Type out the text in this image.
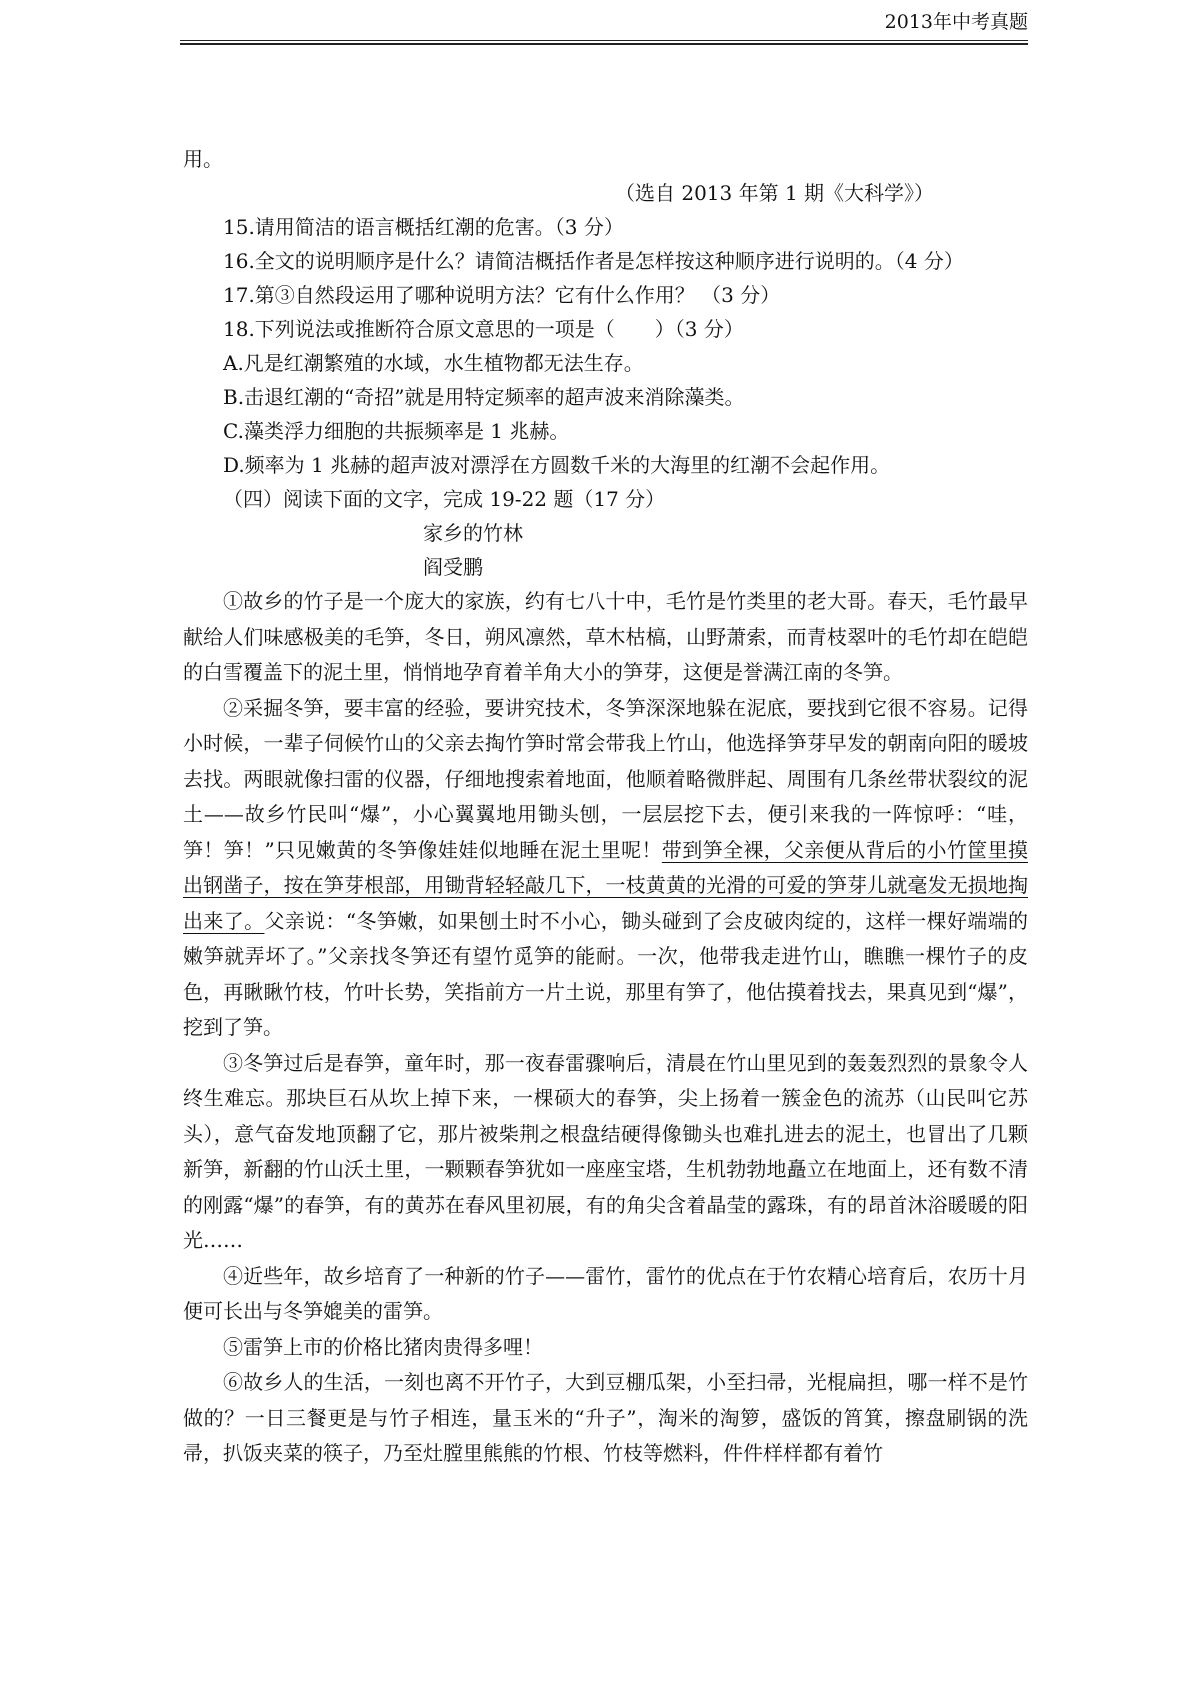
2013年中考真题
用。
（选自 2013 年第 1 期《大科学》）
15.请用简洁的语言概括红潮的危害。（3 分）
16.全文的说明顺序是什么？请简洁概括作者是怎样按这种顺序进行说明的。（4 分）
17.第③自然段运用了哪种说明方法？它有什么作用？ （3 分）
18.下列说法或推断符合原文意思的一项是（　　）（3 分）
A.凡是红潮繁殖的水域，水生植物都无法生存。
B.击退红潮的“奇招”就是用特定频率的超声波来消除藻类。
C.藻类浮力细胞的共振频率是 1 兆赫。
D.频率为 1 兆赫的超声波对漂浮在方圆数千米的大海里的红潮不会起作用。
（四）阅读下面的文字，完成 19-22 题（17 分）
家乡的竹林
阎受鹏

①故乡的竹子是一个庞大的家族，约有七八十中，毛竹是竹类里的老大哥。春天，毛竹最早献给人们味感极美的毛笋，冬日，朔风凛然，草木枯槁，山野萧索，而青枝翠叶的毛竹却在皑皑的白雪覆盖下的泥土里，悄悄地孕育着羊角大小的笋芽，这便是誉满江南的冬笋。

②采掘冬笋，要丰富的经验，要讲究技术，冬笋深深地躲在泥底，要找到它很不容易。记得小时候，一辈子伺候竹山的父亲去掏竹笋时常会带我上竹山，他选择笋芽早发的朝南向阳的暖坡去找。两眼就像扫雷的仪器，仔细地搜索着地面，他顺着略微胖起、周围有几条丝带状裂纹的泥土——故乡竹民叫“爆”，小心翼翼地用锄头刨，一层层挖下去，便引来我的一阵惊呼：“哇，笋！笋！”只见嫩黄的冬笋像娃娃似地睡在泥土里呢！带到笋全裸，父亲便从背后的小竹筐里摸出钢凿子，按在笋芽根部，用锄背轻轻敲几下，一枝黄黄的光滑的可爱的笋芽儿就毫发无损地掏出来了。父亲说：“冬笋嫩，如果刨土时不小心，锄头碰到了会皮破肉绽的，这样一棵好端端的嫩笋就弄坏了。”父亲找冬笋还有望竹觅笋的能耐。一次，他带我走进竹山，瞧瞧一棵竹子的皮色，再瞅瞅竹枝，竹叶长势，笑指前方一片土说，那里有笋了，他估摸着找去，果真见到“爆”，挖到了笋。

③冬笋过后是春笋，童年时，那一夜春雷骤响后，清晨在竹山里见到的轰轰烈烈的景象令人终生难忘。那块巨石从坎上掉下来，一棵硕大的春笋，尖上扬着一簇金色的流苏（山民叫它苏头），意气奋发地顶翻了它，那片被柴荆之根盘结硬得像锄头也难扎进去的泥土，也冒出了几颗新笋，新翻的竹山沃土里，一颗颗春笋犹如一座座宝塔，生机勃勃地矗立在地面上，还有数不清的刚露“爆”的春笋，有的黄苏在春风里初展，有的角尖含着晶莹的露珠，有的昂首沐浴暖暖的阳光……

④近些年，故乡培育了一种新的竹子——雷竹，雷竹的优点在于竹农精心培育后，农历十月便可长出与冬笋媲美的雷笋。

⑤雷笋上市的价格比猪肉贵得多哩！

⑥故乡人的生活，一刻也离不开竹子，大到豆棚瓜架，小至扫帚，光棍扁担，哪一样不是竹做的？一日三餐更是与竹子相连，量玉米的“升子”，淘米的淘箩，盛饭的筲箕，擦盘刷锅的洗帚，扒饭夹菜的筷子，乃至灶膛里熊熊的竹根、竹枝等燃料，件件样样都有着竹
